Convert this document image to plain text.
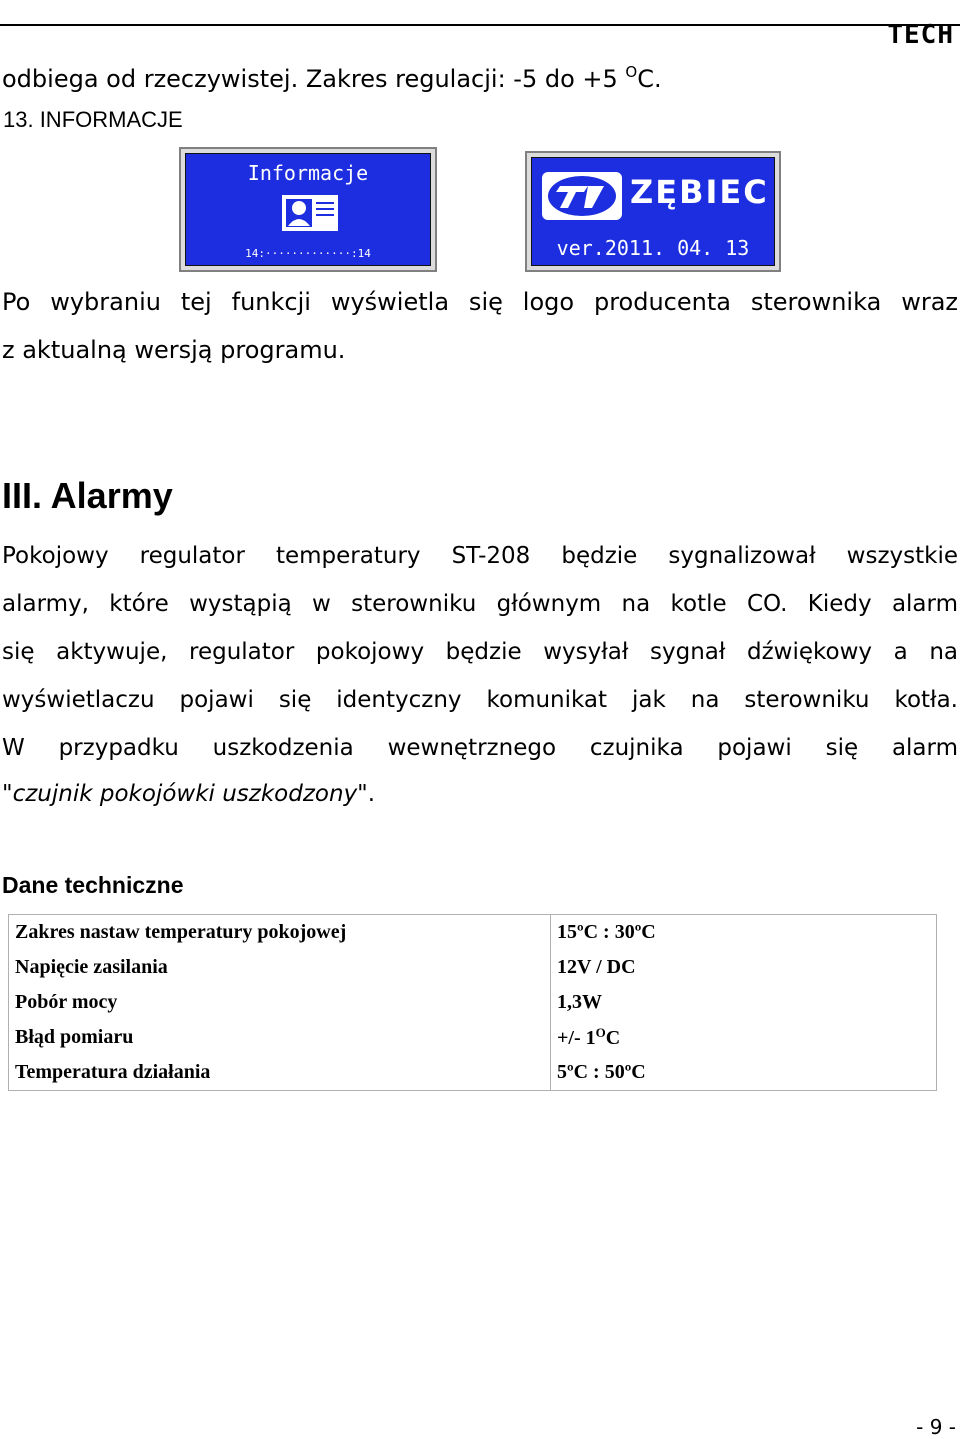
TECH
odbiega od rzeczywistej. Zakres regulacji: -5 do +5 $^O$C.
13. INFORMACJE
Informacje
14:·············:14
ZĘBIEC
ver.2011. 04. 13
Po wybraniu tej funkcji wyświetla się logo producenta sterownika wraz
z aktualną wersją programu.
III. Alarmy
Pokojowy regulator temperatury ST-208 będzie sygnalizował wszystkie
alarmy, które wystąpią w sterowniku głównym na kotle CO. Kiedy alarm
się aktywuje, regulator pokojowy będzie wysyłał sygnał dźwiękowy a na
wyświetlaczu pojawi się identyczny komunikat jak na sterowniku kotła.
W przypadku uszkodzenia wewnętrznego czujnika pojawi się alarm
"czujnik pokojówki uszkodzony".
Dane techniczne
Zakres nastaw temperatury pokojowej	15ºC : 30ºC
Napięcie zasilania	12V / DC
Pobór mocy	1,3W
Błąd pomiaru	+/- $1^OC$
Temperatura działania	5ºC : 50ºC
- 9 -
